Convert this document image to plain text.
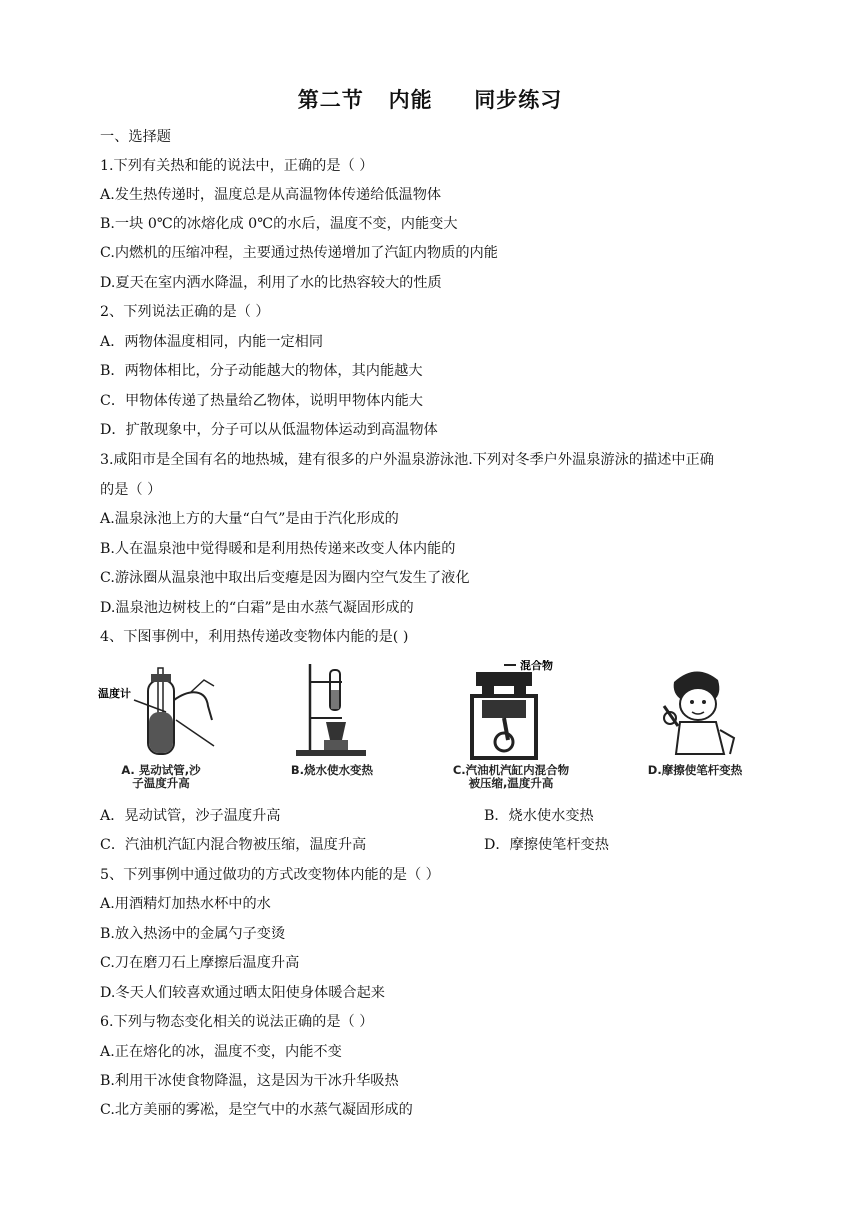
第二节   内能     同步练习
一、选择题
1.下列有关热和能的说法中，正确的是（ ）
A.发生热传递时，温度总是从高温物体传递给低温物体
B.一块 0℃的冰熔化成 0℃的水后，温度不变，内能变大
C.内燃机的压缩冲程，主要通过热传递增加了汽缸内物质的内能
D.夏天在室内洒水降温，利用了水的比热容较大的性质
2、下列说法正确的是（ ）
A．两物体温度相同，内能一定相同
B．两物体相比，分子动能越大的物体，其内能越大
C．甲物体传递了热量给乙物体，说明甲物体内能大
D．扩散现象中，分子可以从低温物体运动到高温物体
3.咸阳市是全国有名的地热城，建有很多的户外温泉游泳池.下列对冬季户外温泉游泳的描述中正确
的是（ ）
A.温泉泳池上方的大量“白气”是由于汽化形成的
B.人在温泉池中觉得暖和是利用热传递来改变人体内能的
C.游泳圈从温泉池中取出后变瘪是因为圈内空气发生了液化
D.温泉池边树枝上的“白霜”是由水蒸气凝固形成的
4、下图事例中，利用热传递改变物体内能的是( )
温度计
A. 晃动试管,沙
子温度升高
B.烧水使水变热
混合物
C.汽油机汽缸内混合物
被压缩,温度升高
D.摩擦使笔杆变热
A．晃动试管，沙子温度升高	B．烧水使水变热
C．汽油机汽缸内混合物被压缩，温度升高	D．摩擦使笔杆变热
5、下列事例中通过做功的方式改变物体内能的是（ ）
A.用酒精灯加热水杯中的水
B.放入热汤中的金属勺子变烫
C.刀在磨刀石上摩擦后温度升高
D.冬天人们较喜欢通过晒太阳使身体暖合起来
6.下列与物态变化相关的说法正确的是（ ）
A.正在熔化的冰，温度不变，内能不变
B.利用干冰使食物降温，这是因为干冰升华吸热
C.北方美丽的雾凇，是空气中的水蒸气凝固形成的
